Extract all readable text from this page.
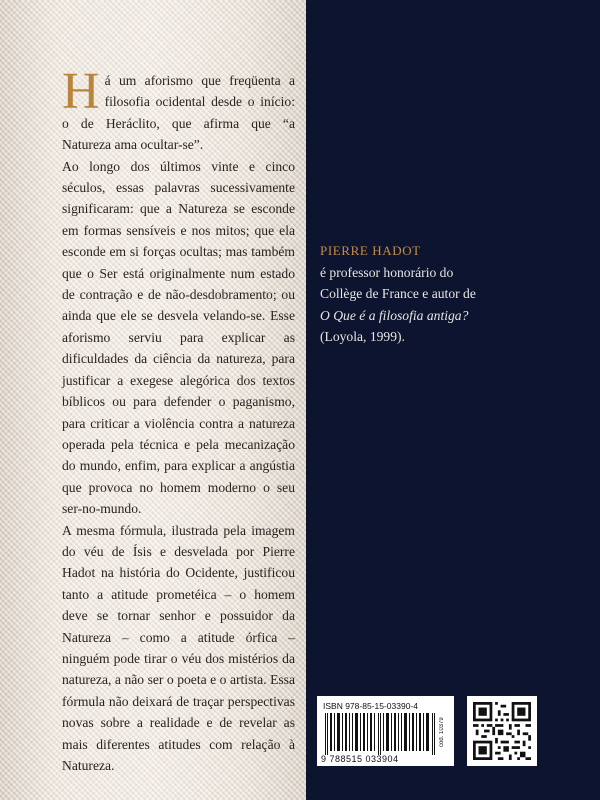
Há um aforismo que freqüenta a filosofia ocidental desde o início: o de Heráclito, que afirma que “a Natureza ama ocultar-se”.

Ao longo dos últimos vinte e cinco séculos, essas palavras sucessivamente significaram: que a Natureza se esconde em formas sensíveis e nos mitos; que ela esconde em si forças ocultas; mas também que o Ser está originalmente num estado de contração e de não-desdobramento; ou ainda que ele se desvela velando-se. Esse aforismo serviu para explicar as dificuldades da ciência da natureza, para justificar a exegese alegórica dos textos bíblicos ou para defender o paganismo, para criticar a violência contra a natureza operada pela técnica e pela mecanização do mundo, enfim, para explicar a angústia que provoca no homem moderno o seu ser-no-mundo.

A mesma fórmula, ilustrada pela imagem do véu de Ísis e desvelada por Pierre Hadot na história do Ocidente, justificou tanto a atitude prometéica – o homem deve se tornar senhor e possuidor da Natureza – como a atitude órfica – ninguém pode tirar o véu dos mistérios da natureza, a não ser o poeta e o artista. Essa fórmula não deixará de traçar perspectivas novas sobre a realidade e de revelar as mais diferentes atitudes com relação à Natureza.

PIERRE HADOT
é professor honorário do
Collège de France e autor de
O Que é a filosofia antiga?
(Loyola, 1999).
ISBN 978-85-15-03390-4
9 788515 033904
cod. 10379
